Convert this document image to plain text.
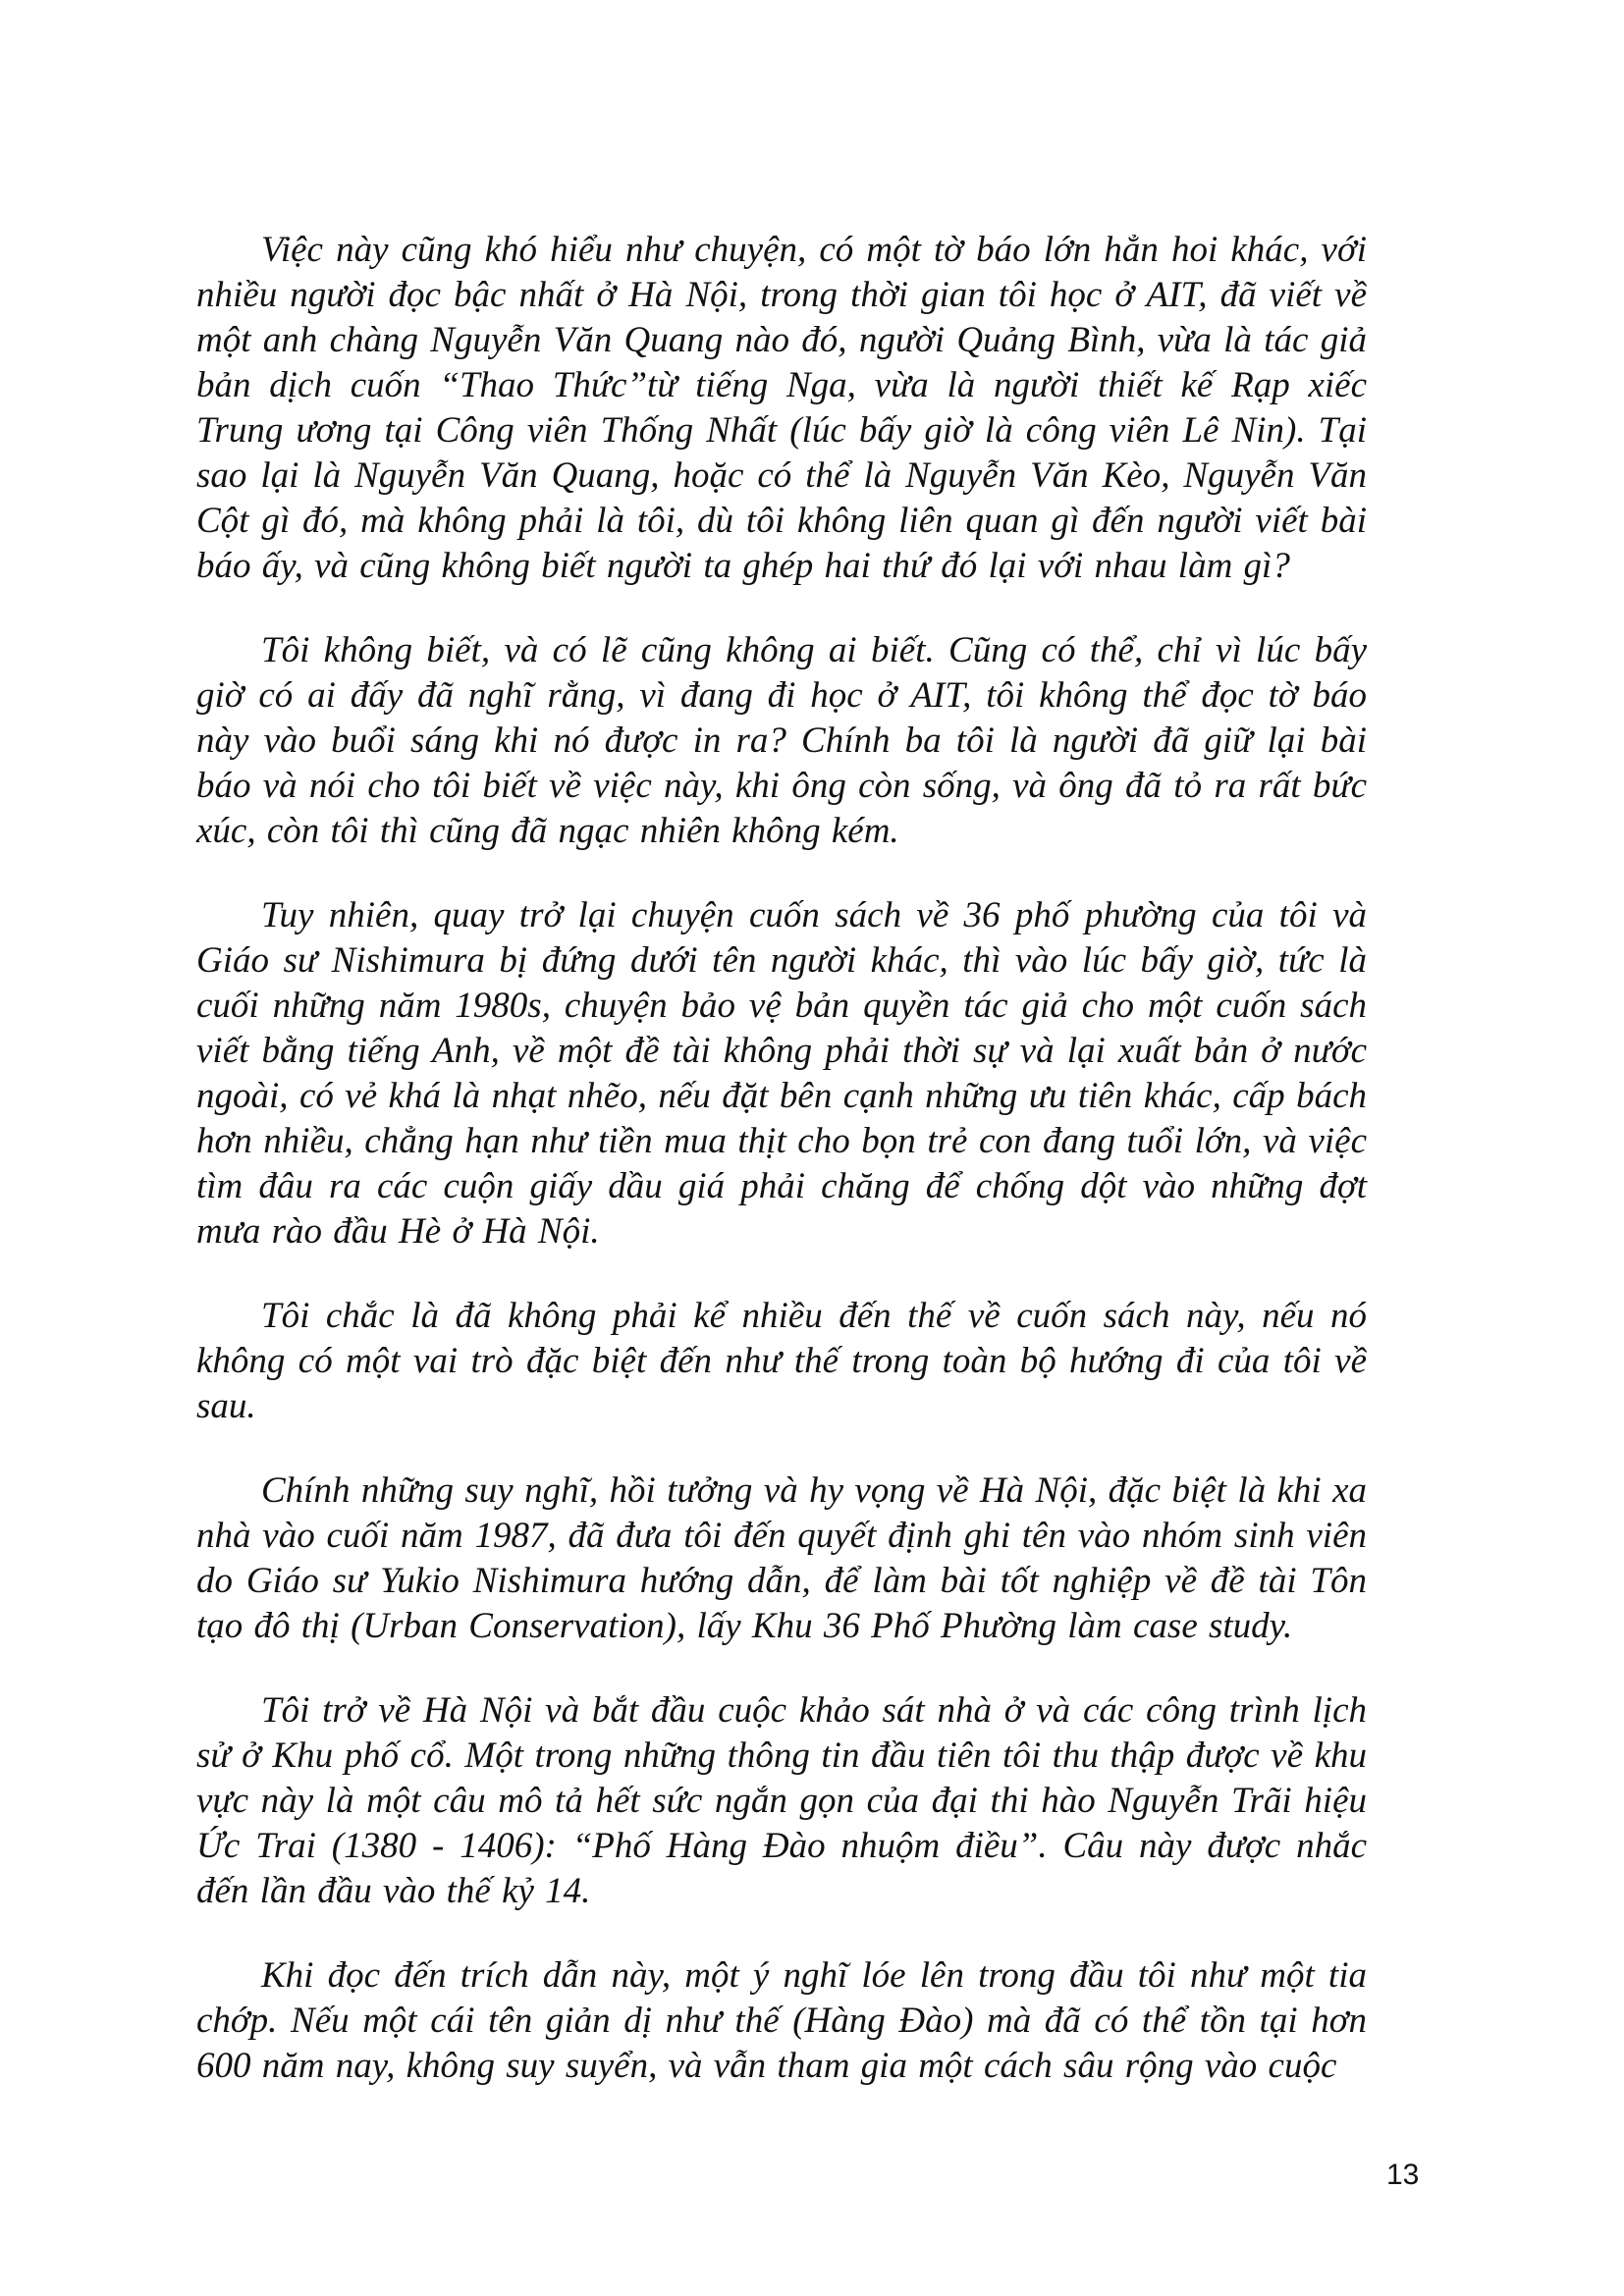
Việc này cũng khó hiểu như chuyện, có một tờ báo lớn hẳn hoi khác, với nhiều người đọc bậc nhất ở Hà Nội, trong thời gian tôi học ở AIT, đã viết về một anh chàng Nguyễn Văn Quang nào đó, người Quảng Bình, vừa là tác giả bản dịch cuốn “Thao Thức”từ tiếng Nga, vừa là người thiết kế Rạp xiếc Trung ương tại Công viên Thống Nhất (lúc bấy giờ là công viên Lê Nin). Tại sao lại là Nguyễn Văn Quang, hoặc có thể là Nguyễn Văn Kèo, Nguyễn Văn Cột gì đó, mà không phải là tôi, dù tôi không liên quan gì đến người viết bài báo ấy, và cũng không biết người ta ghép hai thứ đó lại với nhau làm gì?

Tôi không biết, và có lẽ cũng không ai biết. Cũng có thể, chỉ vì lúc bấy giờ có ai đấy đã nghĩ rằng, vì đang đi học ở AIT, tôi không thể đọc tờ báo này vào buổi sáng khi nó được in ra? Chính ba tôi là người đã giữ lại bài báo và nói cho tôi biết về việc này, khi ông còn sống, và ông đã tỏ ra rất bức xúc, còn tôi thì cũng đã ngạc nhiên không kém.

Tuy nhiên, quay trở lại chuyện cuốn sách về 36 phố phường của tôi và Giáo sư Nishimura bị đứng dưới tên người khác, thì vào lúc bấy giờ, tức là cuối những năm 1980s, chuyện bảo vệ bản quyền tác giả cho một cuốn sách viết bằng tiếng Anh, về một đề tài không phải thời sự và lại xuất bản ở nước ngoài, có vẻ khá là nhạt nhẽo, nếu đặt bên cạnh những ưu tiên khác, cấp bách hơn nhiều, chẳng hạn như tiền mua thịt cho bọn trẻ con đang tuổi lớn, và việc tìm đâu ra các cuộn giấy dầu giá phải chăng để chống dột vào những đợt mưa rào đầu Hè ở Hà Nội.

Tôi chắc là đã không phải kể nhiều đến thế về cuốn sách này, nếu nó không có một vai trò đặc biệt đến như thế trong toàn bộ hướng đi của tôi về sau.

Chính những suy nghĩ, hồi tưởng và hy vọng về Hà Nội, đặc biệt là khi xa nhà vào cuối năm 1987, đã đưa tôi đến quyết định ghi tên vào nhóm sinh viên do Giáo sư Yukio Nishimura hướng dẫn, để làm bài tốt nghiệp về đề tài Tôn tạo đô thị (Urban Conservation), lấy Khu 36 Phố Phường làm case study.

Tôi trở về Hà Nội và bắt đầu cuộc khảo sát nhà ở và các công trình lịch sử ở Khu phố cổ. Một trong những thông tin đầu tiên tôi thu thập được về khu vực này là một câu mô tả hết sức ngắn gọn của đại thi hào Nguyễn Trãi hiệu Ức Trai (1380 - 1406): “Phố Hàng Đào nhuộm điều”. Câu này được nhắc đến lần đầu vào thế kỷ 14.

Khi đọc đến trích dẫn này, một ý nghĩ lóe lên trong đầu tôi như một tia chớp. Nếu một cái tên giản dị như thế (Hàng Đào) mà đã có thể tồn tại hơn 600 năm nay, không suy suyển, và vẫn tham gia một cách sâu rộng vào cuộc

13
